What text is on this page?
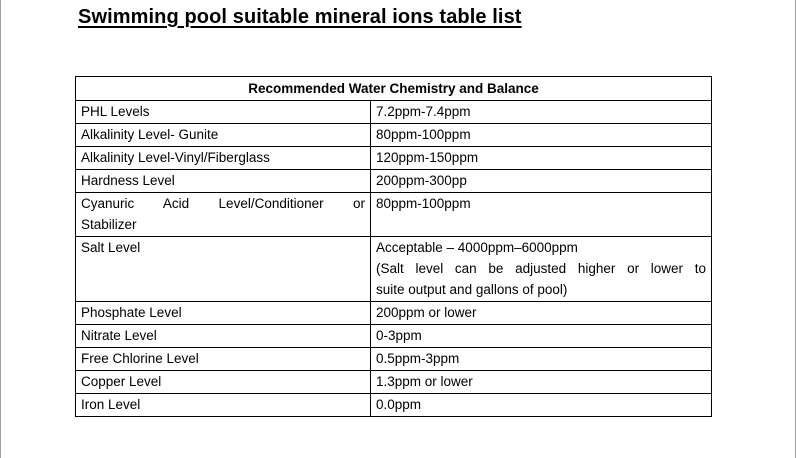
Swimming pool suitable mineral ions table list
Recommended Water Chemistry and Balance	
PHL Levels	7.2ppm-7.4ppm
Alkalinity Level- Gunite	80ppm-100ppm
Alkalinity Level-Vinyl/Fiberglass	120ppm-150ppm
Hardness Level	200ppm-300pp

Cyanuric Acid Level/Conditioner or
Stabilizer	80ppm-100ppm
Salt Level	Acceptable – 4000ppm–6000ppm
(Salt level can be adjusted higher or lower to
suite output and gallons of pool)

Phosphate Level	200ppm or lower
Nitrate Level	0-3ppm
Free Chlorine Level	0.5ppm-3ppm
Copper Level	1.3ppm or lower
Iron Level	0.0ppm
